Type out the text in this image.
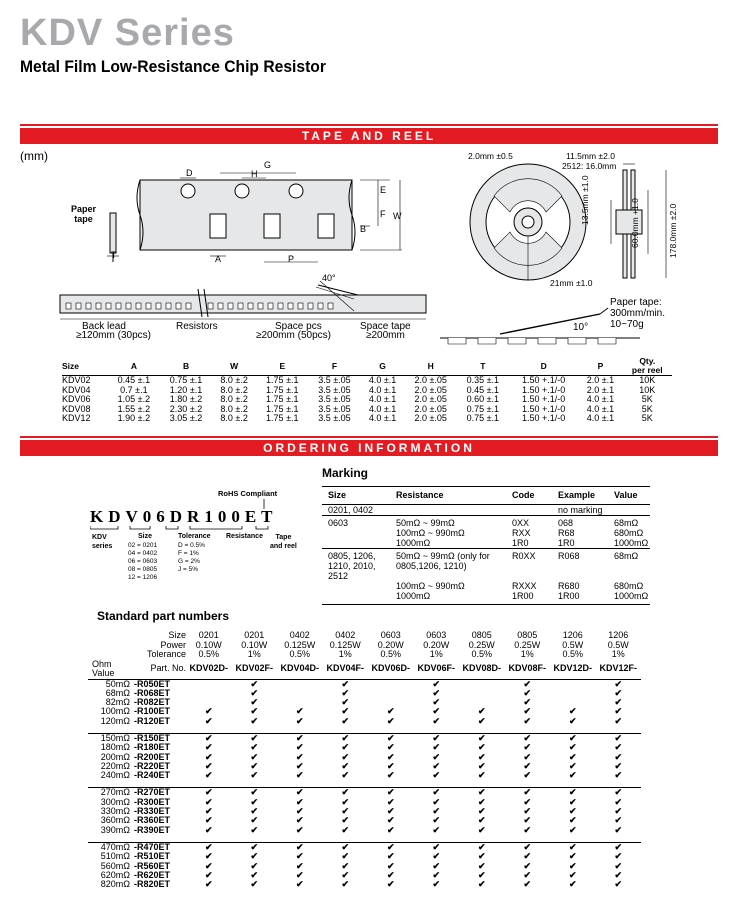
KDV Series
Metal Film Low-Resistance Chip Resistor
TAPE AND REEL
(mm)
Paper
tape
D
G
H
E
F W
B
A	P
T
40°
Back lead
≥120mm (30pcs)
Resistors	Space pcs
≥200mm (50pcs)
Space tape
≥200mm
2.0mm ±0.5	11.5mm ±2.0
2512: 16.0mm
21mm ±1.0
13.5mm ±1.0	60.0mm +1.0	178.0mm ±2.0
Paper tape:
300mm/min.
10~70g
10°
Size	A	B	W	E	F	G	H	T	D	P	Qty.
per reel
KDV02	0.45 ±.1	0.75 ±.1	8.0 ±.2	1.75 ±.1	3.5 ±.05	4.0 ±.1	2.0 ±.05	0.35 ±.1	1.50 +.1/-0	2.0 ±.1	10K
KDV04	0.7 ±.1	1.20 ±.1	8.0 ±.2	1.75 ±.1	3.5 ±.05	4.0 ±.1	2.0 ±.05	0.45 ±.1	1.50 +.1/-0	2.0 ±.1	10K
KDV06	1.05 ±.2	1.80 ±.2	8.0 ±.2	1.75 ±.1	3.5 ±.05	4.0 ±.1	2.0 ±.05	0.60 ±.1	1.50 +.1/-0	4.0 ±.1	5K
KDV08	1.55 ±.2	2.30 ±.2	8.0 ±.2	1.75 ±.1	3.5 ±.05	4.0 ±.1	2.0 ±.05	0.75 ±.1	1.50 +.1/-0	4.0 ±.1	5K
KDV12	1.90 ±.2	3.05 ±.2	8.0 ±.2	1.75 ±.1	3.5 ±.05	4.0 ±.1	2.0 ±.05	0.75 ±.1	1.50 +.1/-0	4.0 ±.1	5K
ORDERING INFORMATION
RoHS Compliant
KDV06DR100ET
KDV
series
Size
02 = 0201
04 = 0402
06 = 0603
08 = 0805
12 = 1206
Tolerance
D = 0.5%
F = 1%
G = 2%
J = 5%
Resistance	Tape
and reel
Marking
Size	Resistance	Code	Example	Value
0201, 0402			no marking	
0603	50mΩ ~ 99mΩ	0XX	068	68mΩ
	100mΩ ~ 990mΩ	RXX	R68	680mΩ
	1000mΩ	1R0	1R0	1000mΩ
0805, 1206,
1210, 2010,
2512	50mΩ ~ 99mΩ (only for
0805,1206, 1210)	R0XX	R068	68mΩ
	100mΩ ~ 990mΩ	RXXX	R680	680mΩ
	1000mΩ	1R00	1R00	1000mΩ
Standard part numbers
Size		0201	0201	0402	0402	0603	0603	0805	0805	1206	1206
Power		0.10W	0.10W	0.125W	0.125W	0.20W	0.20W	0.25W	0.25W	0.5W	0.5W
Tolerance		0.5%	1%	0.5%	1%	0.5%	1%	0.5%	1%	0.5%	1%
Ohm Value	Part. No.	KDV02D-	KDV02F-	KDV04D-	KDV04F-	KDV06D-	KDV06F-	KDV08D-	KDV08F-	KDV12D-	KDV12F-
50mΩ	-R050ET		✔		✔		✔		✔		✔
68mΩ	-R068ET		✔		✔		✔		✔		✔
82mΩ	-R082ET		✔		✔		✔		✔		✔
100mΩ	-R100ET	✔	✔	✔	✔	✔	✔	✔	✔	✔	✔
120mΩ	-R120ET	✔	✔	✔	✔	✔	✔	✔	✔	✔	✔

150mΩ	-R150ET	✔	✔	✔	✔	✔	✔	✔	✔	✔	✔
180mΩ	-R180ET	✔	✔	✔	✔	✔	✔	✔	✔	✔	✔
200mΩ	-R200ET	✔	✔	✔	✔	✔	✔	✔	✔	✔	✔
220mΩ	-R220ET	✔	✔	✔	✔	✔	✔	✔	✔	✔	✔
240mΩ	-R240ET	✔	✔	✔	✔	✔	✔	✔	✔	✔	✔

270mΩ	-R270ET	✔	✔	✔	✔	✔	✔	✔	✔	✔	✔
300mΩ	-R300ET	✔	✔	✔	✔	✔	✔	✔	✔	✔	✔
330mΩ	-R330ET	✔	✔	✔	✔	✔	✔	✔	✔	✔	✔
360mΩ	-R360ET	✔	✔	✔	✔	✔	✔	✔	✔	✔	✔
390mΩ	-R390ET	✔	✔	✔	✔	✔	✔	✔	✔	✔	✔

470mΩ	-R470ET	✔	✔	✔	✔	✔	✔	✔	✔	✔	✔
510mΩ	-R510ET	✔	✔	✔	✔	✔	✔	✔	✔	✔	✔
560mΩ	-R560ET	✔	✔	✔	✔	✔	✔	✔	✔	✔	✔
620mΩ	-R620ET	✔	✔	✔	✔	✔	✔	✔	✔	✔	✔
820mΩ	-R820ET	✔	✔	✔	✔	✔	✔	✔	✔	✔	✔
